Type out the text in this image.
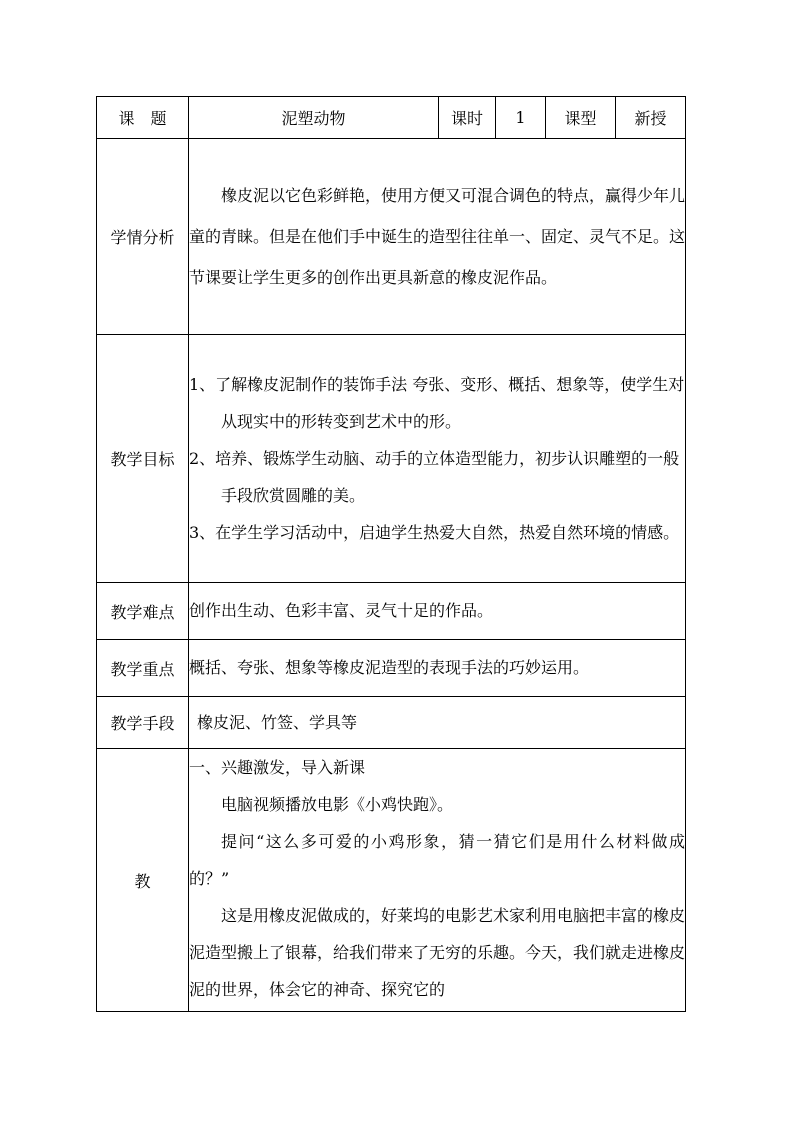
课　题	泥塑动物	课时	1	课型	新授
学情分析	橡皮泥以它色彩鲜艳，使用方便又可混合调色的特点，赢得少年儿童的青睐。但是在他们手中诞生的造型往往单一、固定、灵气不足。这节课要让学生更多的创作出更具新意的橡皮泥作品。				
教学目标	1、了解橡皮泥制作的装饰手法 夸张、变形、概括、想象等，使学生对从现实中的形转变到艺术中的形。

2、培养、锻炼学生动脑、动手的立体造型能力，初步认识雕塑的一般手段欣赏圆雕的美。

3、在学生学习活动中，启迪学生热爱大自然，热爱自然环境的情感。				

教学难点	创作出生动、色彩丰富、灵气十足的作品。				
教学重点	概括、夸张、想象等橡皮泥造型的表现手法的巧妙运用。				
教学手段	橡皮泥、竹签、学具等				
教	一、兴趣激发，导入新课

电脑视频播放电影《小鸡快跑》。

提问“这么多可爱的小鸡形象，猜一猜它们是用什么材料做成的？”

这是用橡皮泥做成的，好莱坞的电影艺术家利用电脑把丰富的橡皮泥造型搬上了银幕，给我们带来了无穷的乐趣。今天，我们就走进橡皮泥的世界，体会它的神奇、探究它的				
